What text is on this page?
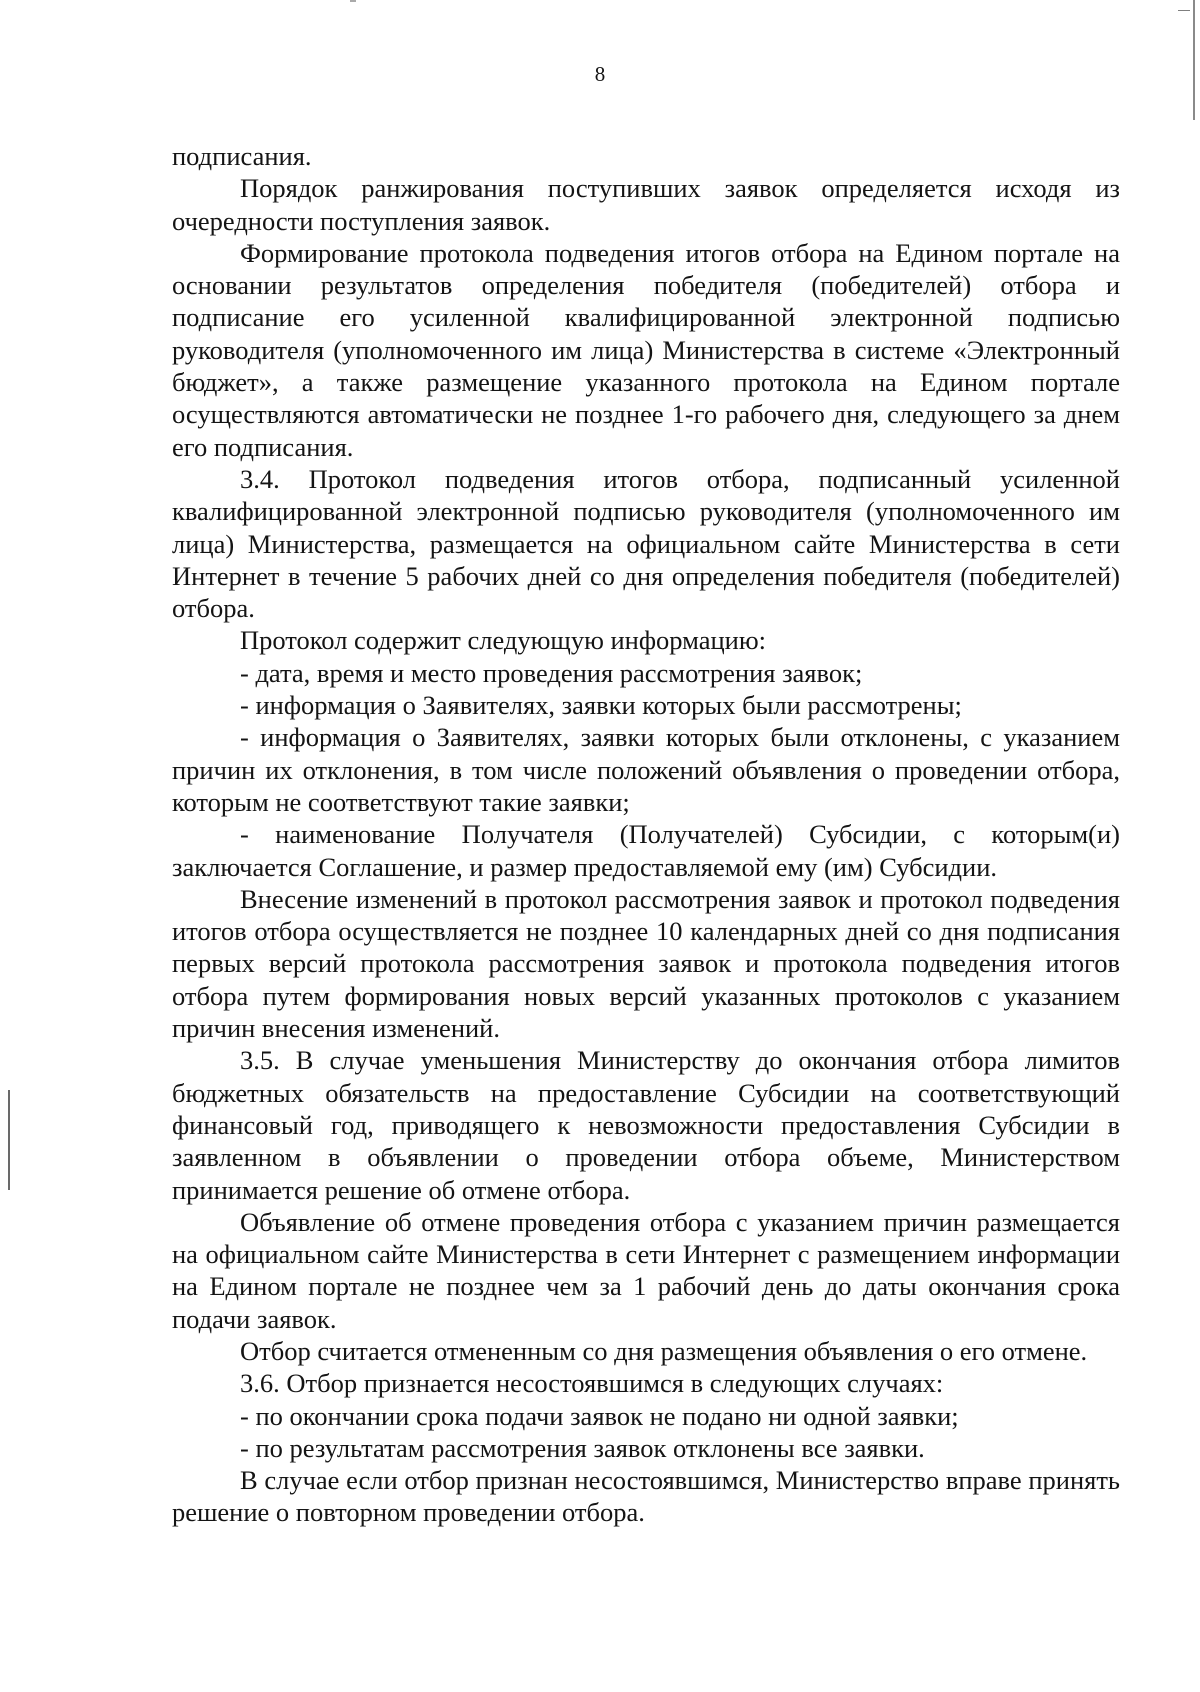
8

подписания.

Порядок ранжирования поступивших заявок определяется исходя из очередности поступления заявок.

Формирование протокола подведения итогов отбора на Едином портале на основании результатов определения победителя (победителей) отбора и подписание его усиленной квалифицированной электронной подписью руководителя (уполномоченного им лица) Министерства в системе «Электронный бюджет», а также размещение указанного протокола на Едином портале осуществляются автоматически не позднее 1-го рабочего дня, следующего за днем его подписания.

3.4. Протокол подведения итогов отбора, подписанный усиленной квалифицированной электронной подписью руководителя (уполномоченного им лица) Министерства, размещается на официальном сайте Министерства в сети Интернет в течение 5 рабочих дней со дня определения победителя (победителей) отбора.

Протокол содержит следующую информацию:

- дата, время и место проведения рассмотрения заявок;

- информация о Заявителях, заявки которых были рассмотрены;

- информация о Заявителях, заявки которых были отклонены, с указанием причин их отклонения, в том числе положений объявления о проведении отбора, которым не соответствуют такие заявки;

- наименование Получателя (Получателей) Субсидии, с которым(и) заключается Соглашение, и размер предоставляемой ему (им) Субсидии.

Внесение изменений в протокол рассмотрения заявок и протокол подведения итогов отбора осуществляется не позднее 10 календарных дней со дня подписания первых версий протокола рассмотрения заявок и протокола подведения итогов отбора путем формирования новых версий указанных протоколов с указанием причин внесения изменений.

3.5. В случае уменьшения Министерству до окончания отбора лимитов бюджетных обязательств на предоставление Субсидии на соответствующий финансовый год, приводящего к невозможности предоставления Субсидии в заявленном в объявлении о проведении отбора объеме, Министерством принимается решение об отмене отбора.

Объявление об отмене проведения отбора с указанием причин размещается на официальном сайте Министерства в сети Интернет с размещением информации на Едином портале не позднее чем за 1 рабочий день до даты окончания срока подачи заявок.

Отбор считается отмененным со дня размещения объявления о его отмене.

3.6. Отбор признается несостоявшимся в следующих случаях:

- по окончании срока подачи заявок не подано ни одной заявки;

- по результатам рассмотрения заявок отклонены все заявки.

В случае если отбор признан несостоявшимся, Министерство вправе принять решение о повторном проведении отбора.
